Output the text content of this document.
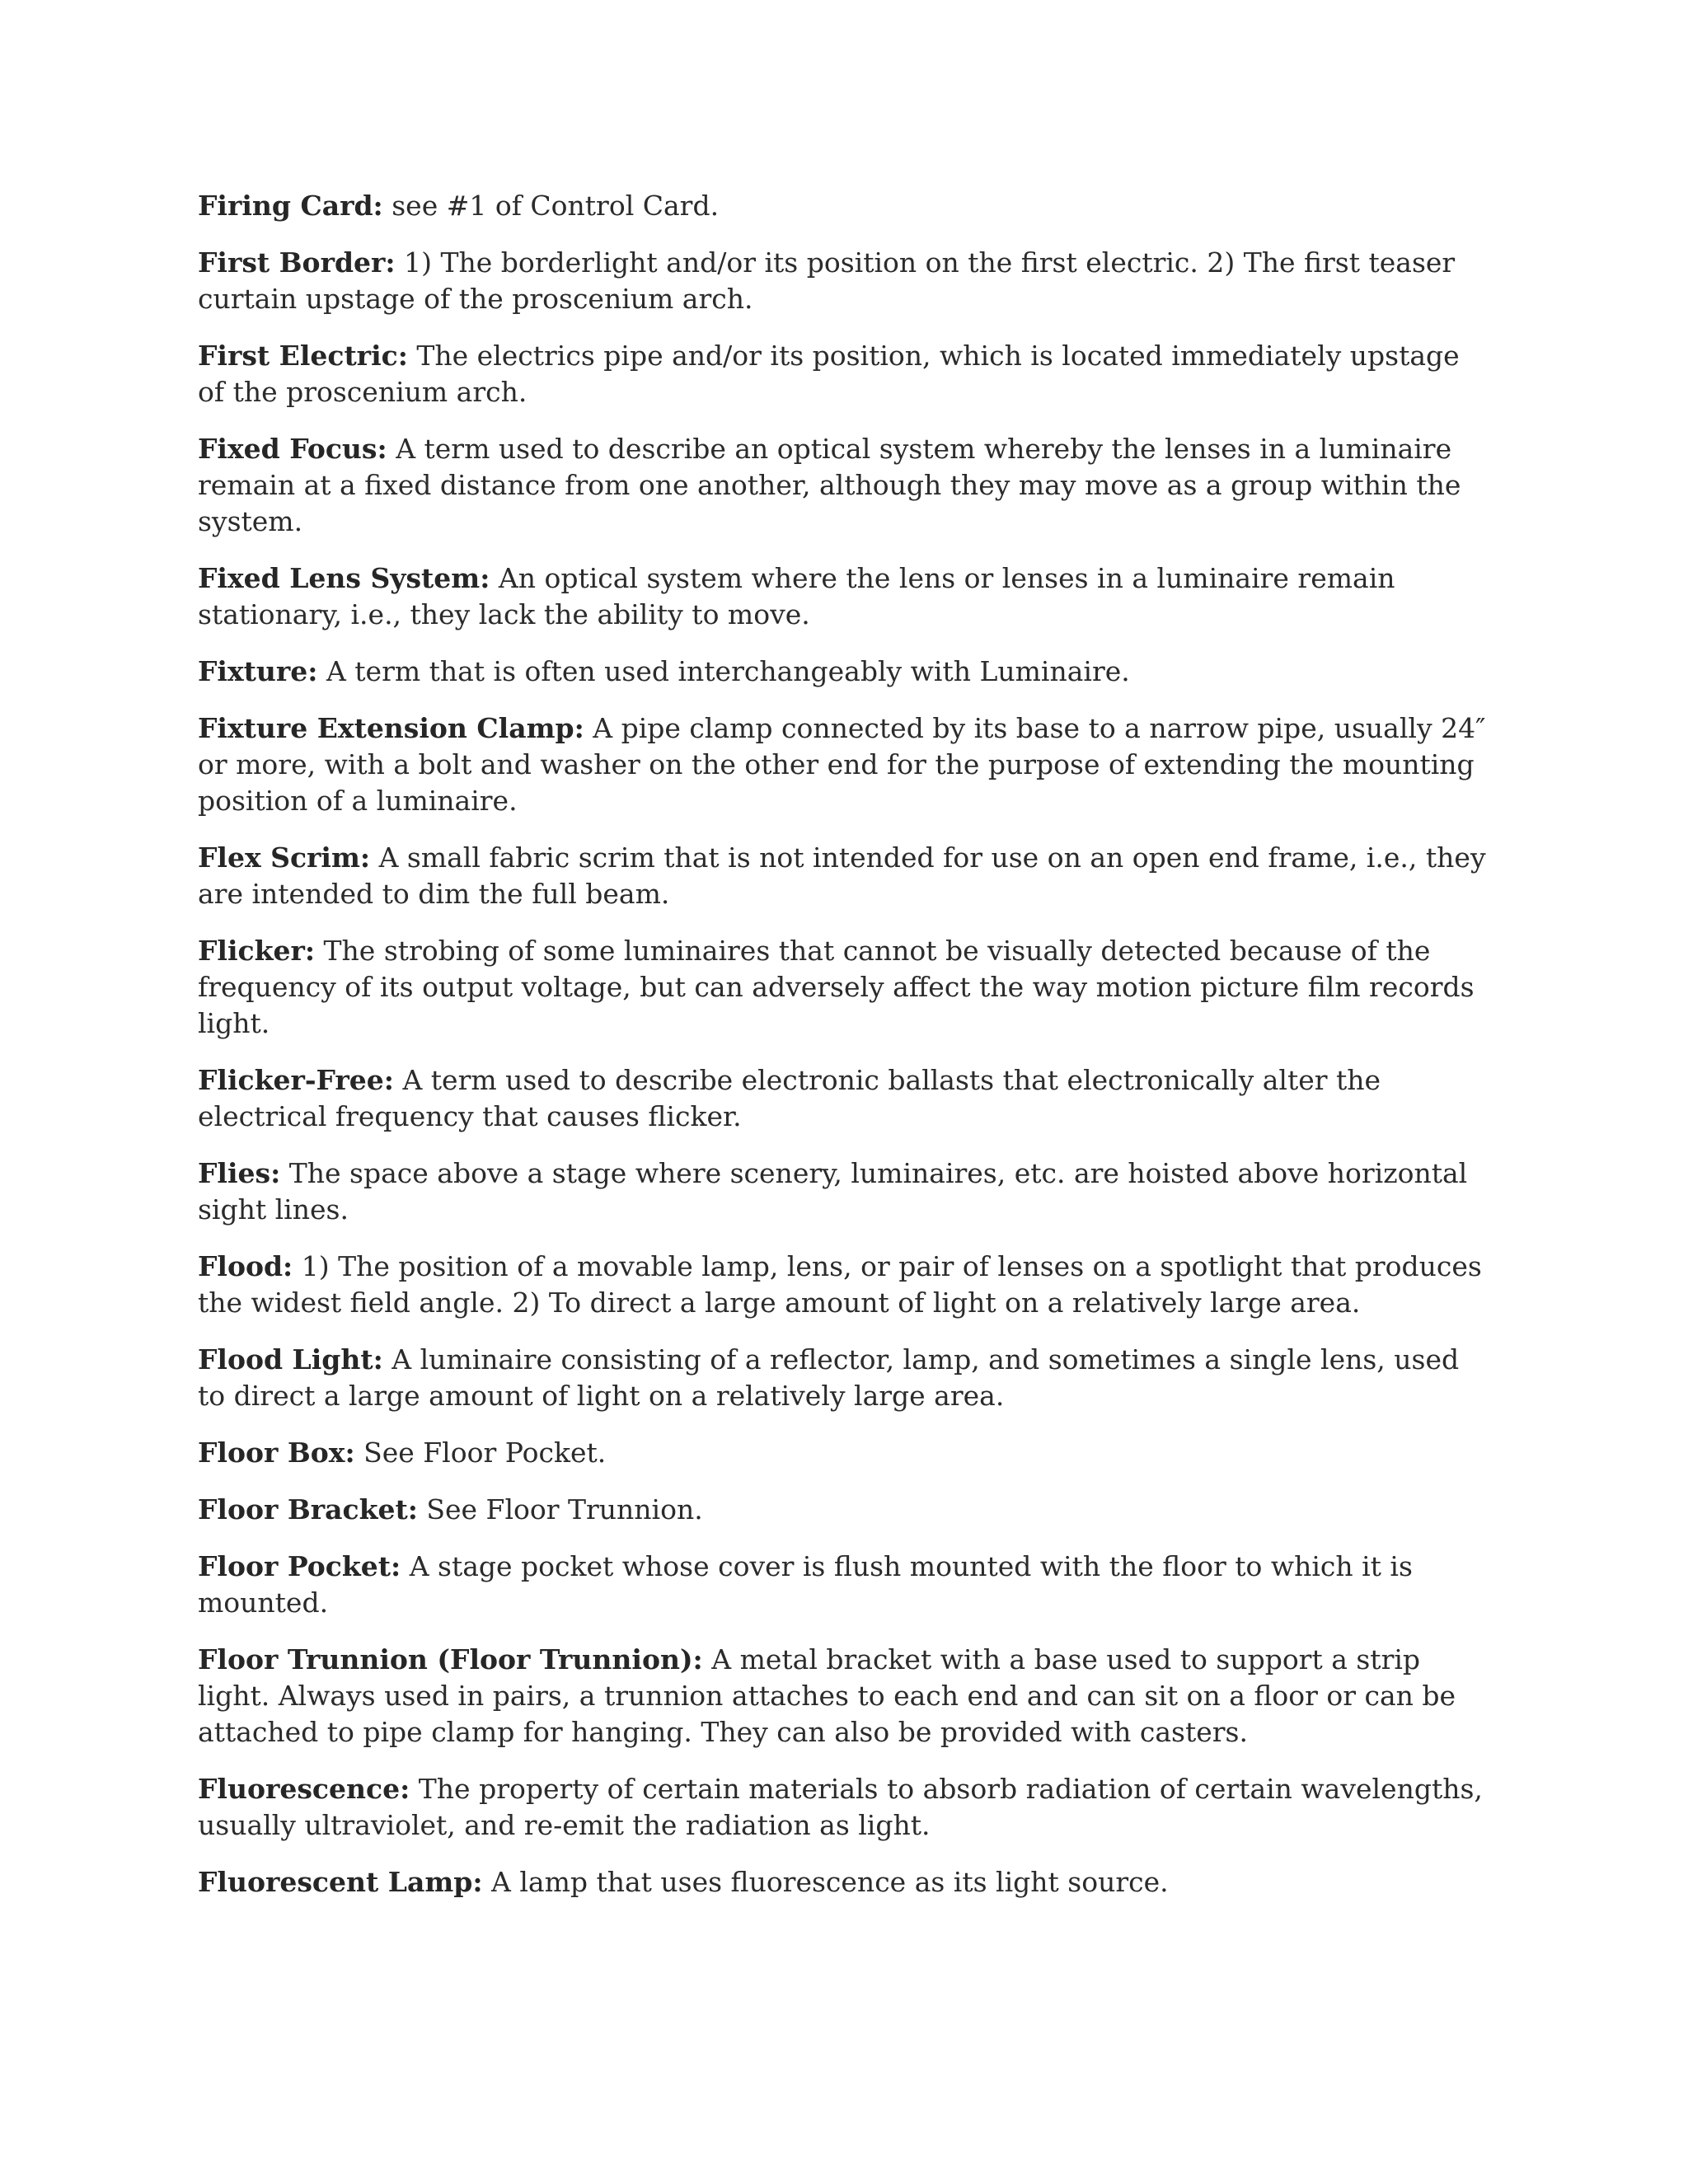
Firing Card: see #1 of Control Card.

First Border: 1) The borderlight and/or its position on the first electric. 2) The first teaser curtain upstage of the proscenium arch.

First Electric: The electrics pipe and/or its position, which is located immediately upstage of the proscenium arch.

Fixed Focus: A term used to describe an optical system whereby the lenses in a luminaire remain at a fixed distance from one another, although they may move as a group within the system.

Fixed Lens System: An optical system where the lens or lenses in a luminaire remain stationary, i.e., they lack the ability to move.

Fixture: A term that is often used interchangeably with Luminaire.

Fixture Extension Clamp: A pipe clamp connected by its base to a narrow pipe, usually 24″ or more, with a bolt and washer on the other end for the purpose of extending the mounting position of a luminaire.

Flex Scrim: A small fabric scrim that is not intended for use on an open end frame, i.e., they are intended to dim the full beam.

Flicker: The strobing of some luminaires that cannot be visually detected because of the frequency of its output voltage, but can adversely affect the way motion picture film records light.

Flicker-Free: A term used to describe electronic ballasts that electronically alter the electrical frequency that causes flicker.

Flies: The space above a stage where scenery, luminaires, etc. are hoisted above horizontal sight lines.

Flood: 1) The position of a movable lamp, lens, or pair of lenses on a spotlight that produces the widest field angle. 2) To direct a large amount of light on a relatively large area.

Flood Light: A luminaire consisting of a reflector, lamp, and sometimes a single lens, used to direct a large amount of light on a relatively large area.

Floor Box: See Floor Pocket.

Floor Bracket: See Floor Trunnion.

Floor Pocket: A stage pocket whose cover is flush mounted with the floor to which it is mounted.

Floor Trunnion (Floor Trunnion): A metal bracket with a base used to support a strip light. Always used in pairs, a trunnion attaches to each end and can sit on a floor or can be attached to pipe clamp for hanging. They can also be provided with casters.

Fluorescence: The property of certain materials to absorb radiation of certain wavelengths, usually ultraviolet, and re-emit the radiation as light.

Fluorescent Lamp: A lamp that uses fluorescence as its light source.
